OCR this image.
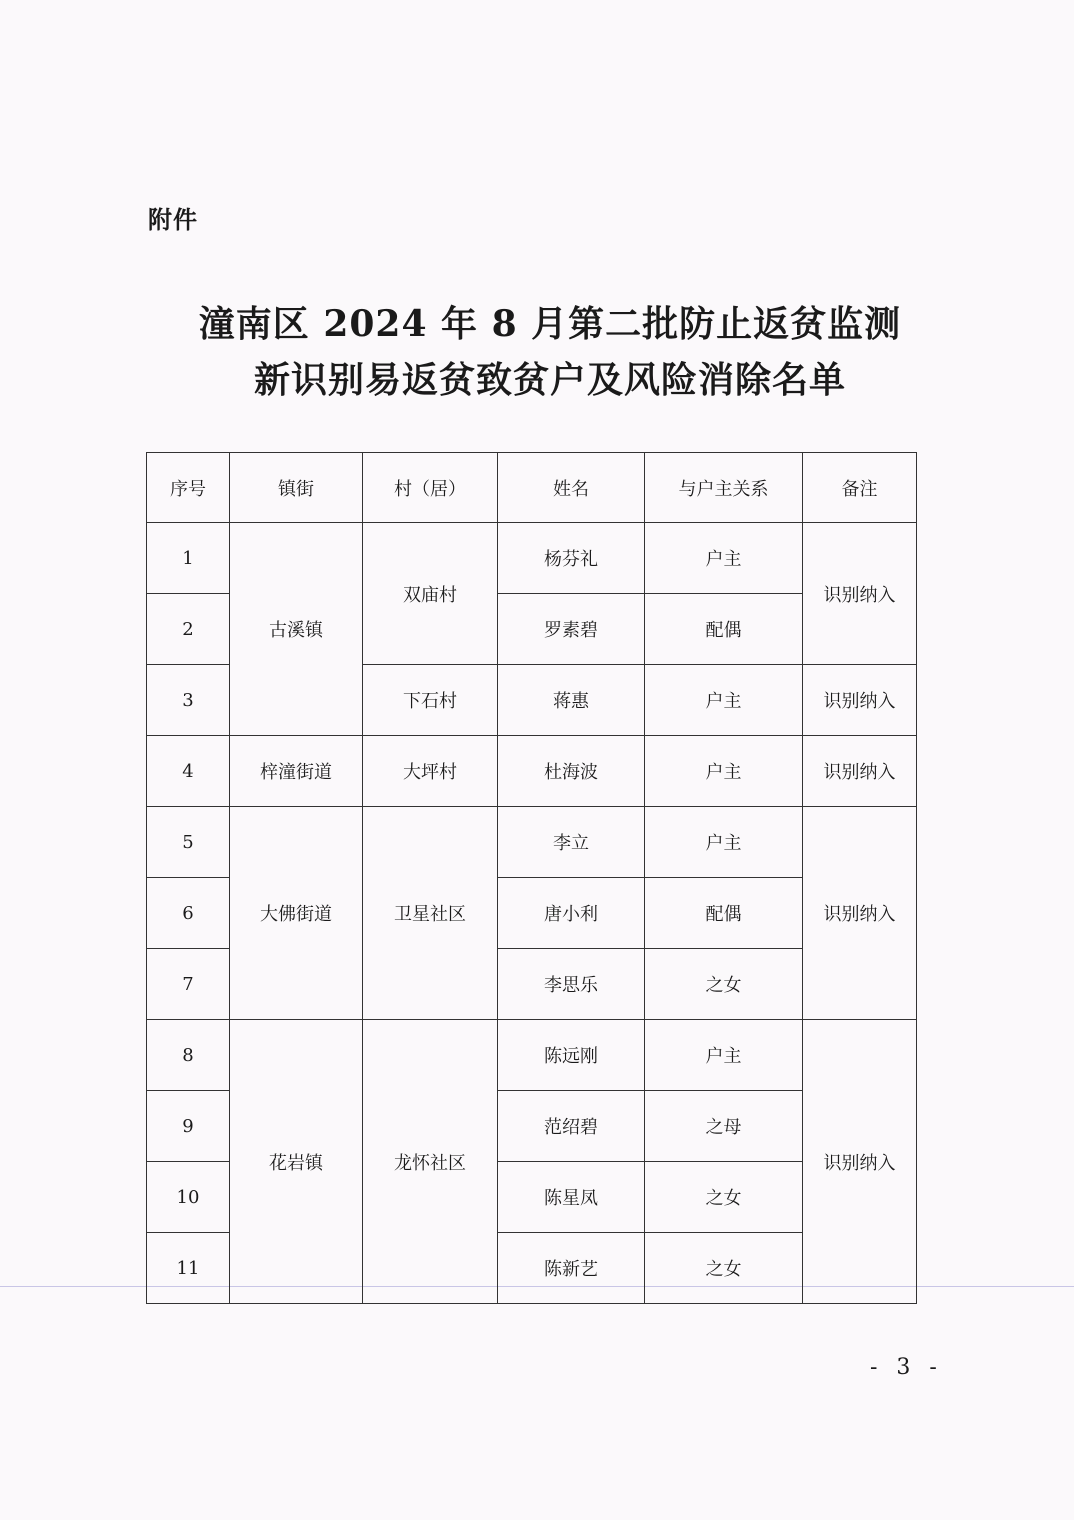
附件
潼南区 2024 年 8 月第二批防止返贫监测
新识别易返贫致贫户及风险消除名单
序号	镇街	村（居）	姓名	与户主关系	备注
1	古溪镇	双庙村	杨芬礼	户主	识别纳入
2			罗素碧	配偶	
3		下石村	蒋惠	户主	识别纳入
4	梓潼街道	大坪村	杜海波	户主	识别纳入
5	大佛街道	卫星社区	李立	户主	识别纳入
6			唐小利	配偶	
7			李思乐	之女	
8	花岩镇	龙怀社区	陈远刚	户主	识别纳入
9			范绍碧	之母	
10			陈星凤	之女	
11			陈新艺	之女	
- 3 -
